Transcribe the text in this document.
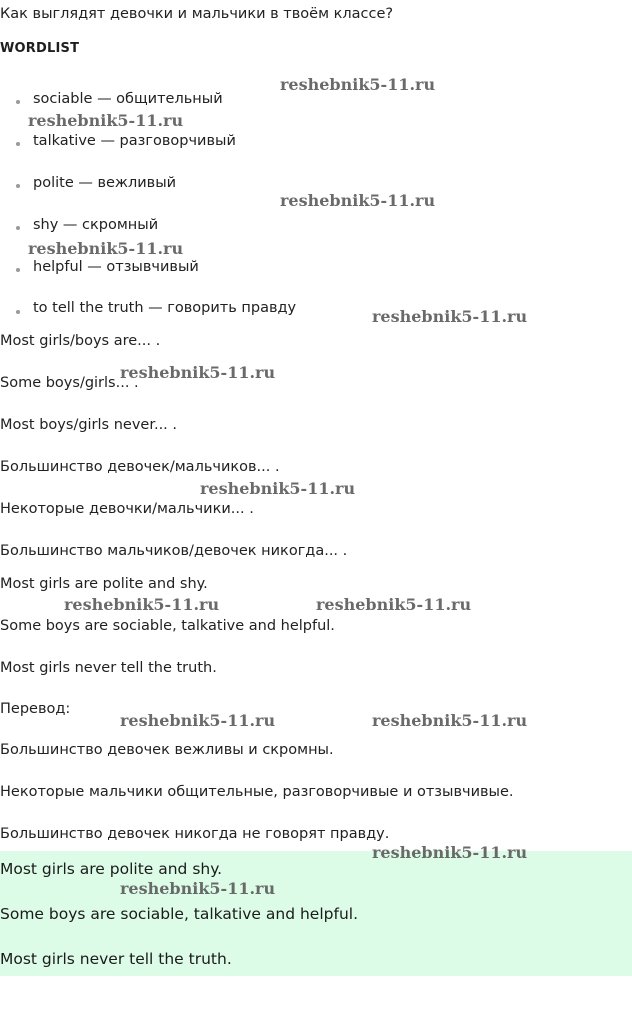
Как выглядят девочки и мальчики в твоём классе?
WORDLIST
sociable — общительный
talkative — разговорчивый
polite — вежливый
shy — скромный
helpful — отзывчивый
to tell the truth — говорить правду
Most girls/boys are... .
Some boys/girls... .
Most boys/girls never... .
Большинство девочек/мальчиков... .
Некоторые девочки/мальчики... .
Большинство мальчиков/девочек никогда... .
Most girls are polite and shy.
Some boys are sociable, talkative and helpful.
Most girls never tell the truth.
Перевод:
Большинство девочек вежливы и скромны.
Некоторые мальчики общительные, разговорчивые и отзывчивые.
Большинство девочек никогда не говорят правду.
Most girls are polite and shy.
Some boys are sociable, talkative and helpful.
Most girls never tell the truth.
reshebnik5-11.ru
reshebnik5-11.ru
reshebnik5-11.ru
reshebnik5-11.ru
reshebnik5-11.ru
reshebnik5-11.ru
reshebnik5-11.ru
reshebnik5-11.ru	reshebnik5-11.ru
reshebnik5-11.ru	reshebnik5-11.ru
reshebnik5-11.ru
reshebnik5-11.ru
